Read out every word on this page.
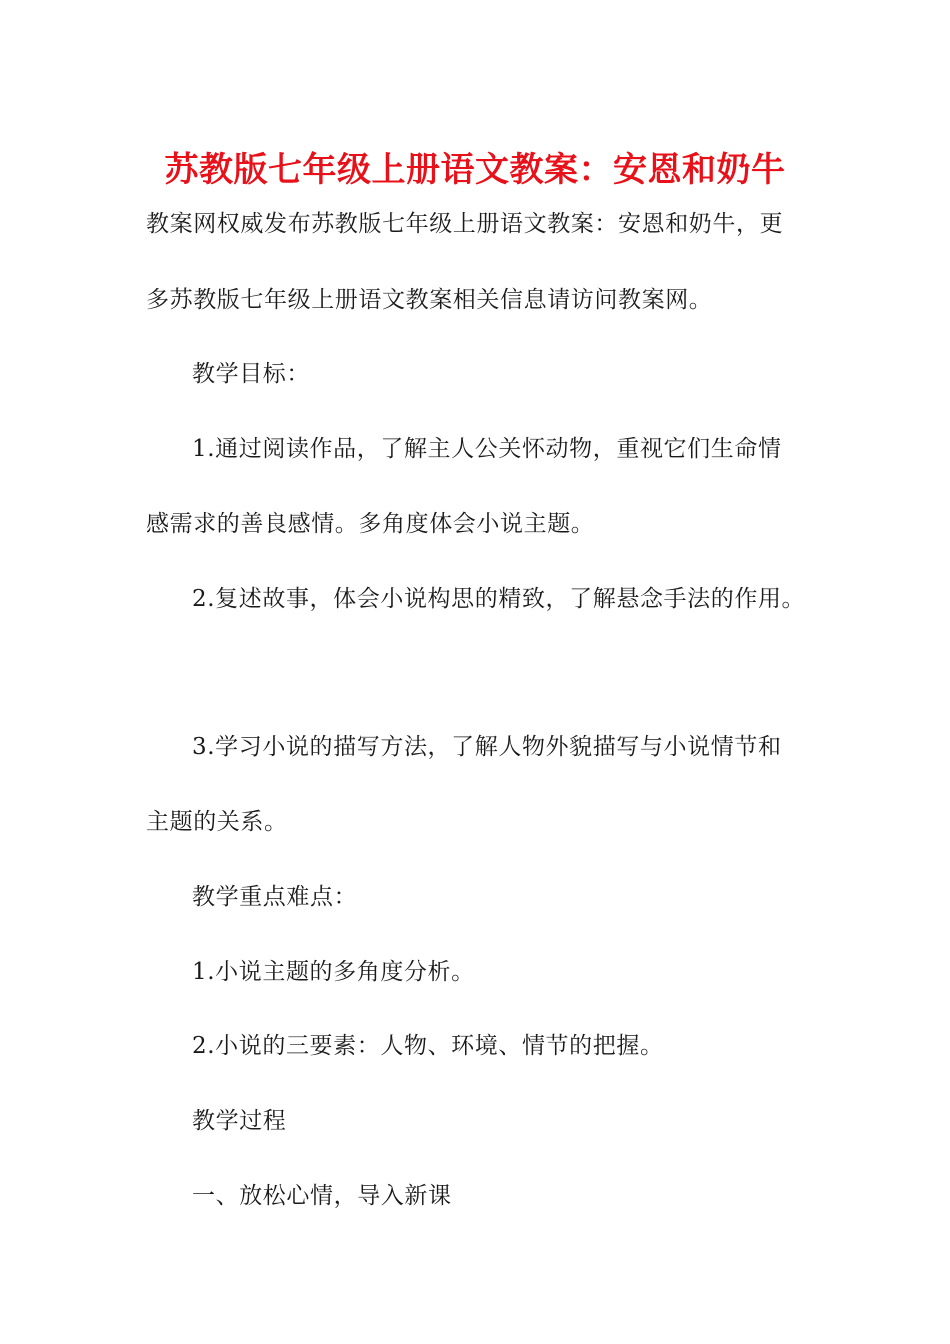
苏教版七年级上册语文教案：安恩和奶牛
教案网权威发布苏教版七年级上册语文教案：安恩和奶牛，更
多苏教版七年级上册语文教案相关信息请访问教案网。
教学目标：
1.通过阅读作品，了解主人公关怀动物，重视它们生命情
感需求的善良感情。多角度体会小说主题。
2.复述故事，体会小说构思的精致，了解悬念手法的作用。
3.学习小说的描写方法，了解人物外貌描写与小说情节和
主题的关系。
教学重点难点：
1.小说主题的多角度分析。
2.小说的三要素：人物、环境、情节的把握。
教学过程
一、放松心情，导入新课
